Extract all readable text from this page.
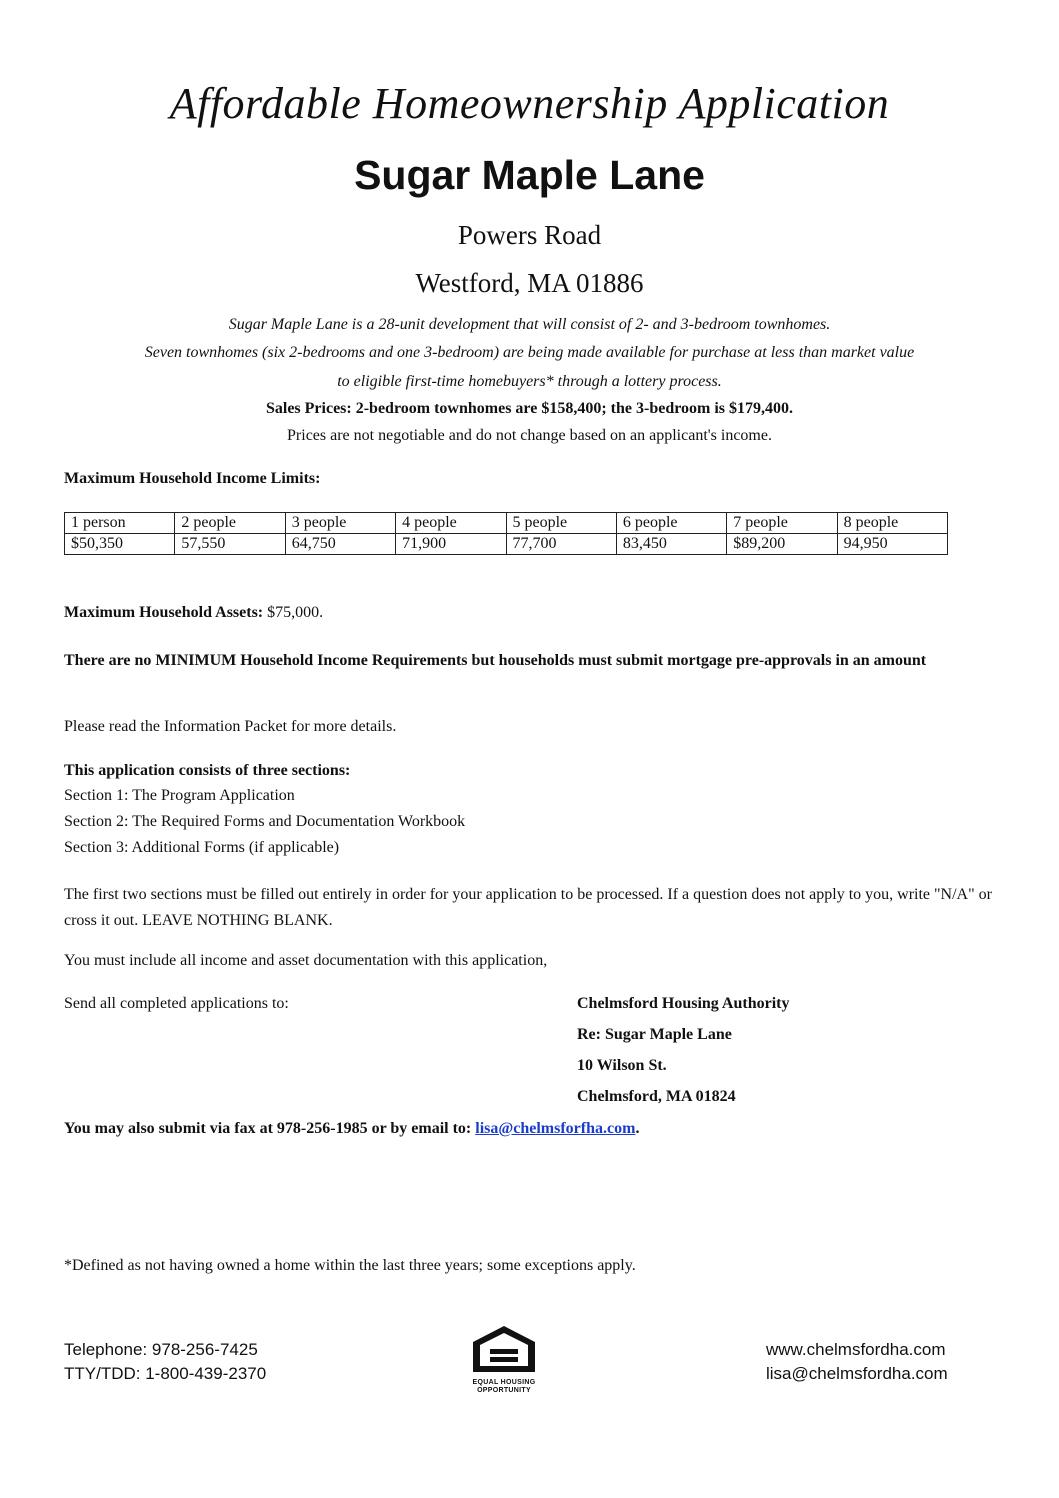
Affordable Homeownership Application
Sugar Maple Lane
Powers Road
Westford, MA 01886
Sugar Maple Lane is a 28-unit development that will consist of 2- and 3-bedroom townhomes.
Seven townhomes (six 2-bedrooms and one 3-bedroom) are being made available for purchase at less than market value
to eligible first-time homebuyers* through a lottery process.
Sales Prices: 2-bedroom townhomes are $158,400; the 3-bedroom is $179,400.
Prices are not negotiable and do not change based on an applicant's income.
Maximum Household Income Limits:
1 person	2 people	3 people	4 people	5 people	6 people	7 people	8 people
$50,350	57,550	64,750	71,900	77,700	83,450	$89,200	94,950
Maximum Household Assets: $75,000.
There are no MINIMUM Household Income Requirements but households must submit mortgage pre-approvals in an amount
Please read the Information Packet for more details.
This application consists of three sections:
Section 1: The Program Application
Section 2: The Required Forms and Documentation Workbook
Section 3: Additional Forms (if applicable)
The first two sections must be filled out entirely in order for your application to be processed. If a question does not apply to you, write "N/A" or cross it out. LEAVE NOTHING BLANK.
You must include all income and asset documentation with this application,
Send all completed applications to:	Chelmsford Housing Authority
Re: Sugar Maple Lane
10 Wilson St.
Chelmsford, MA 01824
You may also submit via fax at 978-256-1985 or by email to: lisa@chelmsforfha.com.
*Defined as not having owned a home within the last three years; some exceptions apply.
Telephone: 978-256-7425
TTY/TDD: 1-800-439-2370
www.chelmsfordha.com
lisa@chelmsfordha.com
EQUAL HOUSING
OPPORTUNITY
